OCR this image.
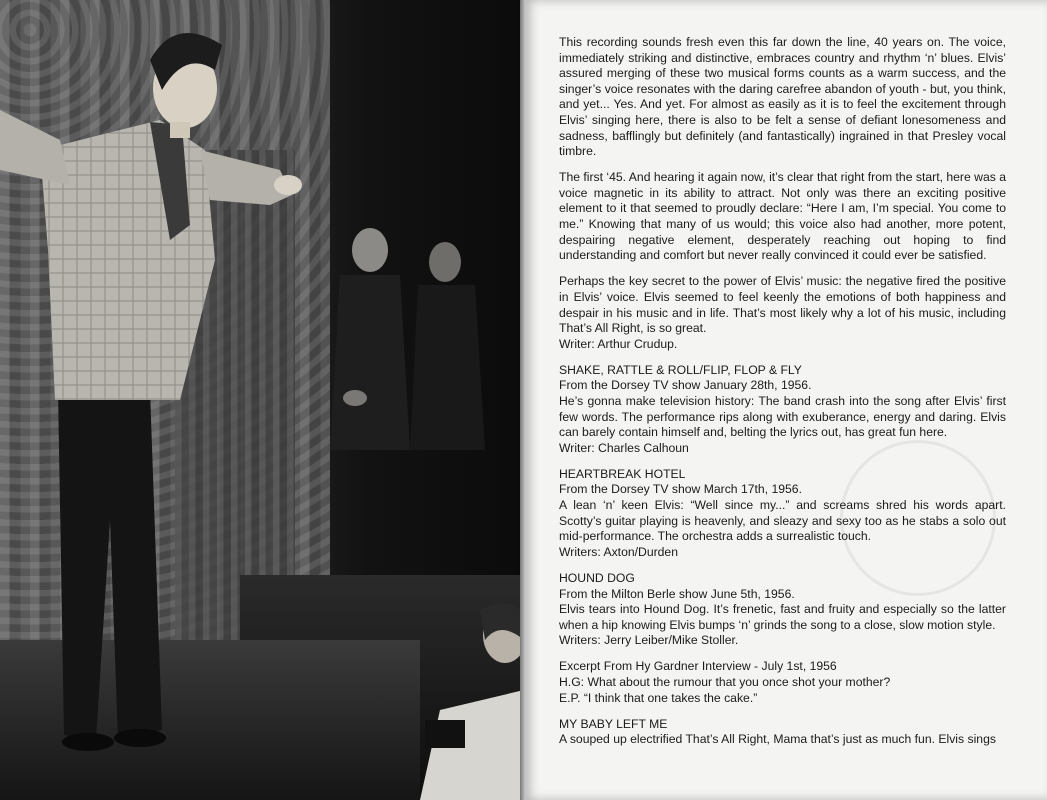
This recording sounds fresh even this far down the line, 40 years on. The voice, immediately striking and distinctive, embraces country and rhythm ‘n’ blues. Elvis’ assured merging of these two musical forms counts as a warm success, and the singer’s voice resonates with the daring carefree abandon of youth - but, you think, and yet... Yes. And yet. For almost as easily as it is to feel the excitement through Elvis’ singing here, there is also to be felt a sense of defiant lonesomeness and sadness, bafflingly but definitely (and fantastically) ingrained in that Presley vocal timbre.

The first ‘45. And hearing it again now, it’s clear that right from the start, here was a voice magnetic in its ability to attract. Not only was there an exciting positive element to it that seemed to proudly declare: “Here I am, I’m special. You come to me.” Knowing that many of us would; this voice also had another, more potent, despairing negative element, desperately reaching out hoping to find understanding and comfort but never really convinced it could ever be satisfied.

Perhaps the key secret to the power of Elvis’ music: the negative fired the positive in Elvis’ voice. Elvis seemed to feel keenly the emotions of both happiness and despair in his music and in life. That’s most likely why a lot of his music, including That’s All Right, is so great.
Writer: Arthur Crudup.
SHAKE, RATTLE & ROLL/FLIP, FLOP & FLY
From the Dorsey TV show January 28th, 1956.
He’s gonna make television history: The band crash into the song after Elvis’ first few words. The performance rips along with exuberance, energy and daring. Elvis can barely contain himself and, belting the lyrics out, has great fun here.
Writer: Charles Calhoun
HEARTBREAK HOTEL
From the Dorsey TV show March 17th, 1956.
A lean ‘n’ keen Elvis: “Well since my...” and screams shred his words apart. Scotty’s guitar playing is heavenly, and sleazy and sexy too as he stabs a solo out mid-performance. The orchestra adds a surrealistic touch.
Writers: Axton/Durden
HOUND DOG
From the Milton Berle show June 5th, 1956.
Elvis tears into Hound Dog. It’s frenetic, fast and fruity and especially so the latter when a hip knowing Elvis bumps ‘n’ grinds the song to a close, slow motion style.
Writers: Jerry Leiber/Mike Stoller.
Excerpt From Hy Gardner Interview - July 1st, 1956
H.G: What about the rumour that you once shot your mother?
E.P. “I think that one takes the cake.”
MY BABY LEFT ME
A souped up electrified That’s All Right, Mama that’s just as much fun. Elvis sings
